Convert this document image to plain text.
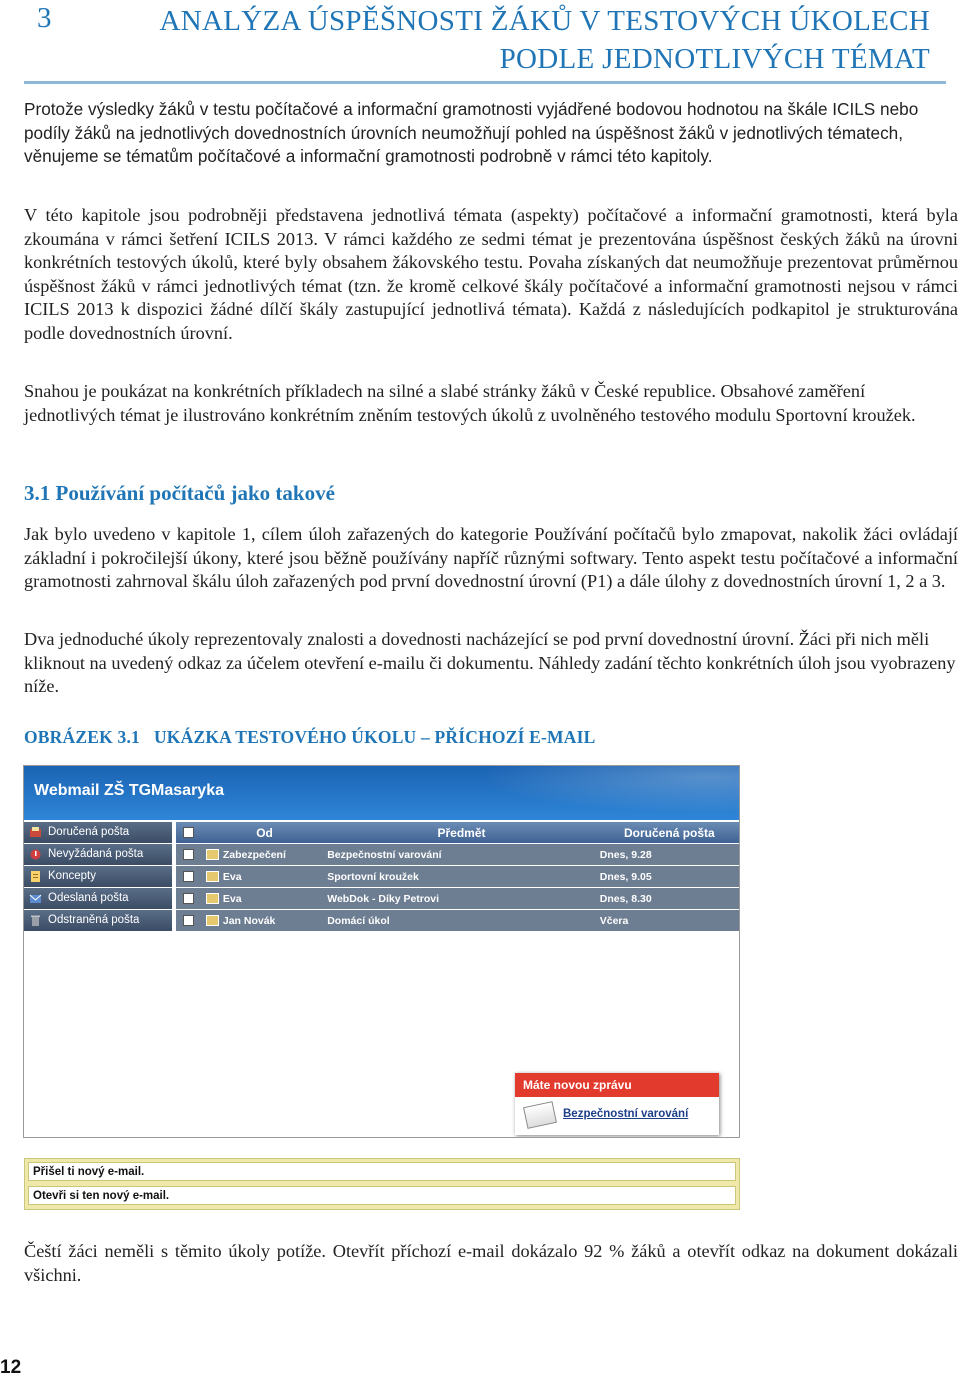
3	ANALÝZA ÚSPĚŠNOSTI ŽÁKŮ V TESTOVÝCH ÚKOLECH
PODLE JEDNOTLIVÝCH TÉMAT
Protože výsledky žáků v testu počítačové a informační gramotnosti vyjádřené bodovou hodnotou na škále ICILS nebo podíly žáků na jednotlivých dovednostních úrovních neumožňují pohled na úspěšnost žáků v jednotlivých tématech, věnujeme se tématům počítačové a informační gramotnosti podrobně v rámci této kapitoly.
V této kapitole jsou podrobněji představena jednotlivá témata (aspekty) počítačové a informační gramotnosti, která byla zkoumána v rámci šetření ICILS 2013. V rámci každého ze sedmi témat je prezentována úspěšnost českých žáků na úrovni konkrétních testových úkolů, které byly obsahem žákovského testu. Povaha získaných dat neumožňuje prezentovat průměrnou úspěšnost žáků v rámci jednotlivých témat (tzn. že kromě celkové škály počítačové a informační gramotnosti nejsou v rámci ICILS 2013 k dispozici žádné dílčí škály zastupující jednotlivá témata). Každá z následujících podkapitol je strukturována podle dovednostních úrovní.
Snahou je poukázat na konkrétních příkladech na silné a slabé stránky žáků v České republice. Obsahové zaměření jednotlivých témat je ilustrováno konkrétním zněním testových úkolů z uvolněného testového modulu Sportovní kroužek.
3.1 Používání počítačů jako takové
Jak bylo uvedeno v kapitole 1, cílem úloh zařazených do kategorie Používání počítačů bylo zmapovat, nakolik žáci ovládají základní i pokročilejší úkony, které jsou běžně používány napříč různými softwary. Tento aspekt testu počítačové a informační gramotnosti zahrnoval škálu úloh zařazených pod první dovednostní úrovní (P1) a dále úlohy z dovednostních úrovní 1, 2 a 3.
Dva jednoduché úkoly reprezentovaly znalosti a dovednosti nacházející se pod první dovednostní úrovní. Žáci při nich měli kliknout na uvedený odkaz za účelem otevření e-mailu či dokumentu. Náhledy zadání těchto konkrétních úloh jsou vyobrazeny níže.
OBRÁZEK 3.1 UKÁZKA TESTOVÉHO ÚKOLU – PŘÍCHOZÍ E-MAIL
Webmail ZŠ TGMasaryka
Doručená pošta
Nevyžádaná pošta
Koncepty
Odeslaná pošta
Odstraněná pošta
Od	Předmět	Doručená pošta
Zabezpečení	Bezpečnostní varování	Dnes, 9.28
Eva	Sportovní kroužek	Dnes, 9.05
Eva	WebDok - Díky Petrovi	Dnes, 8.30
Jan Novák	Domácí úkol	Včera
Máte novou zprávu
Bezpečnostní varování
Přišel ti nový e-mail.
Otevři si ten nový e-mail.
Čeští žáci neměli s těmito úkoly potíže. Otevřít příchozí e-mail dokázalo 92 % žáků a otevřít odkaz na dokument dokázali všichni.
12
